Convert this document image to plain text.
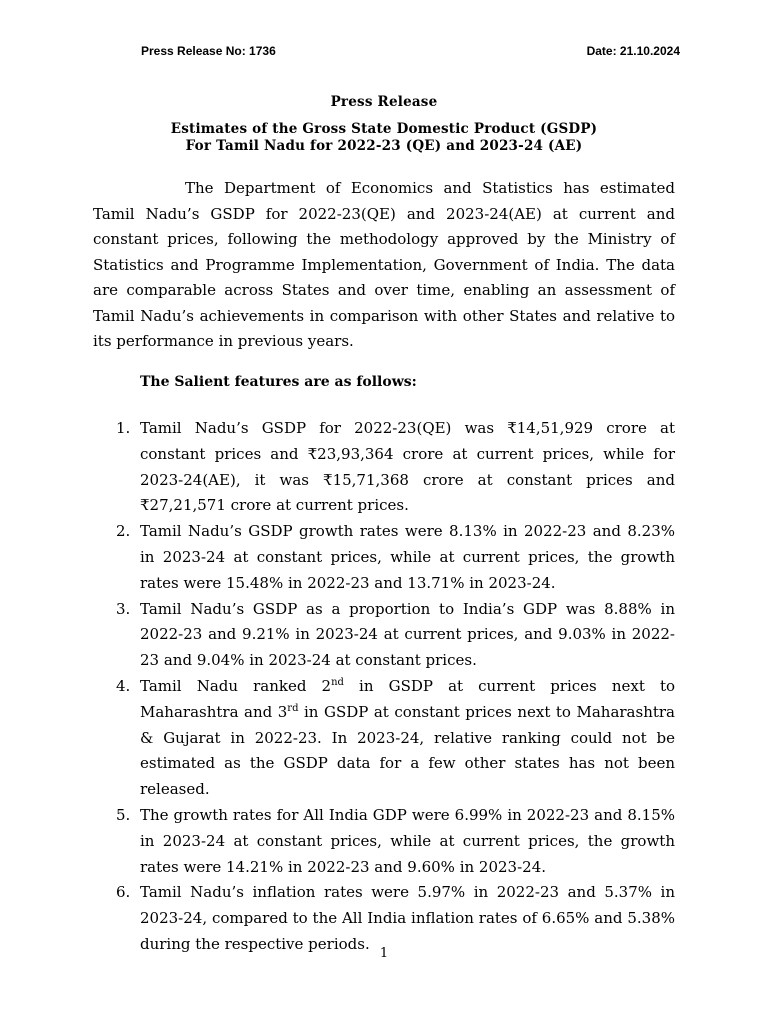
Press Release No: 1736	Date: 21.10.2024
Press Release
Estimates of the Gross State Domestic Product (GSDP)
For Tamil Nadu for 2022-23 (QE) and 2023-24 (AE)

The Department of Economics and Statistics has estimated Tamil Nadu’s GSDP for 2022-23(QE) and 2023-24(AE) at current and constant prices, following the methodology approved by the Ministry of Statistics and Programme Implementation, Government of India. The data are comparable across States and over time, enabling an assessment of Tamil Nadu’s achievements in comparison with other States and relative to its performance in previous years.

The Salient features are as follows:
1. Tamil Nadu’s GSDP for 2022-23(QE) was ₹14,51,929 crore at constant prices and ₹23,93,364 crore at current prices, while for 2023-24(AE), it was ₹15,71,368 crore at constant prices and ₹27,21,571 crore at current prices.
2. Tamil Nadu’s GSDP growth rates were 8.13% in 2022-23 and 8.23% in 2023-24 at constant prices, while at current prices, the growth rates were 15.48% in 2022-23 and 13.71% in 2023-24.
3. Tamil Nadu’s GSDP as a proportion to India’s GDP was 8.88% in 2022-23 and 9.21% in 2023-24 at current prices, and 9.03% in 2022-23 and 9.04% in 2023-24 at constant prices.
4. Tamil Nadu ranked 2nd in GSDP at current prices next to Maharashtra and 3rd in GSDP at constant prices next to Maharashtra & Gujarat in 2022-23. In 2023-24, relative ranking could not be estimated as the GSDP data for a few other states has not been released.
5. The growth rates for All India GDP were 6.99% in 2022-23 and 8.15% in 2023-24 at constant prices, while at current prices, the growth rates were 14.21% in 2022-23 and 9.60% in 2023-24.
6. Tamil Nadu’s inflation rates were 5.97% in 2022-23 and 5.37% in 2023-24, compared to the All India inflation rates of 6.65% and 5.38% during the respective periods.
1
